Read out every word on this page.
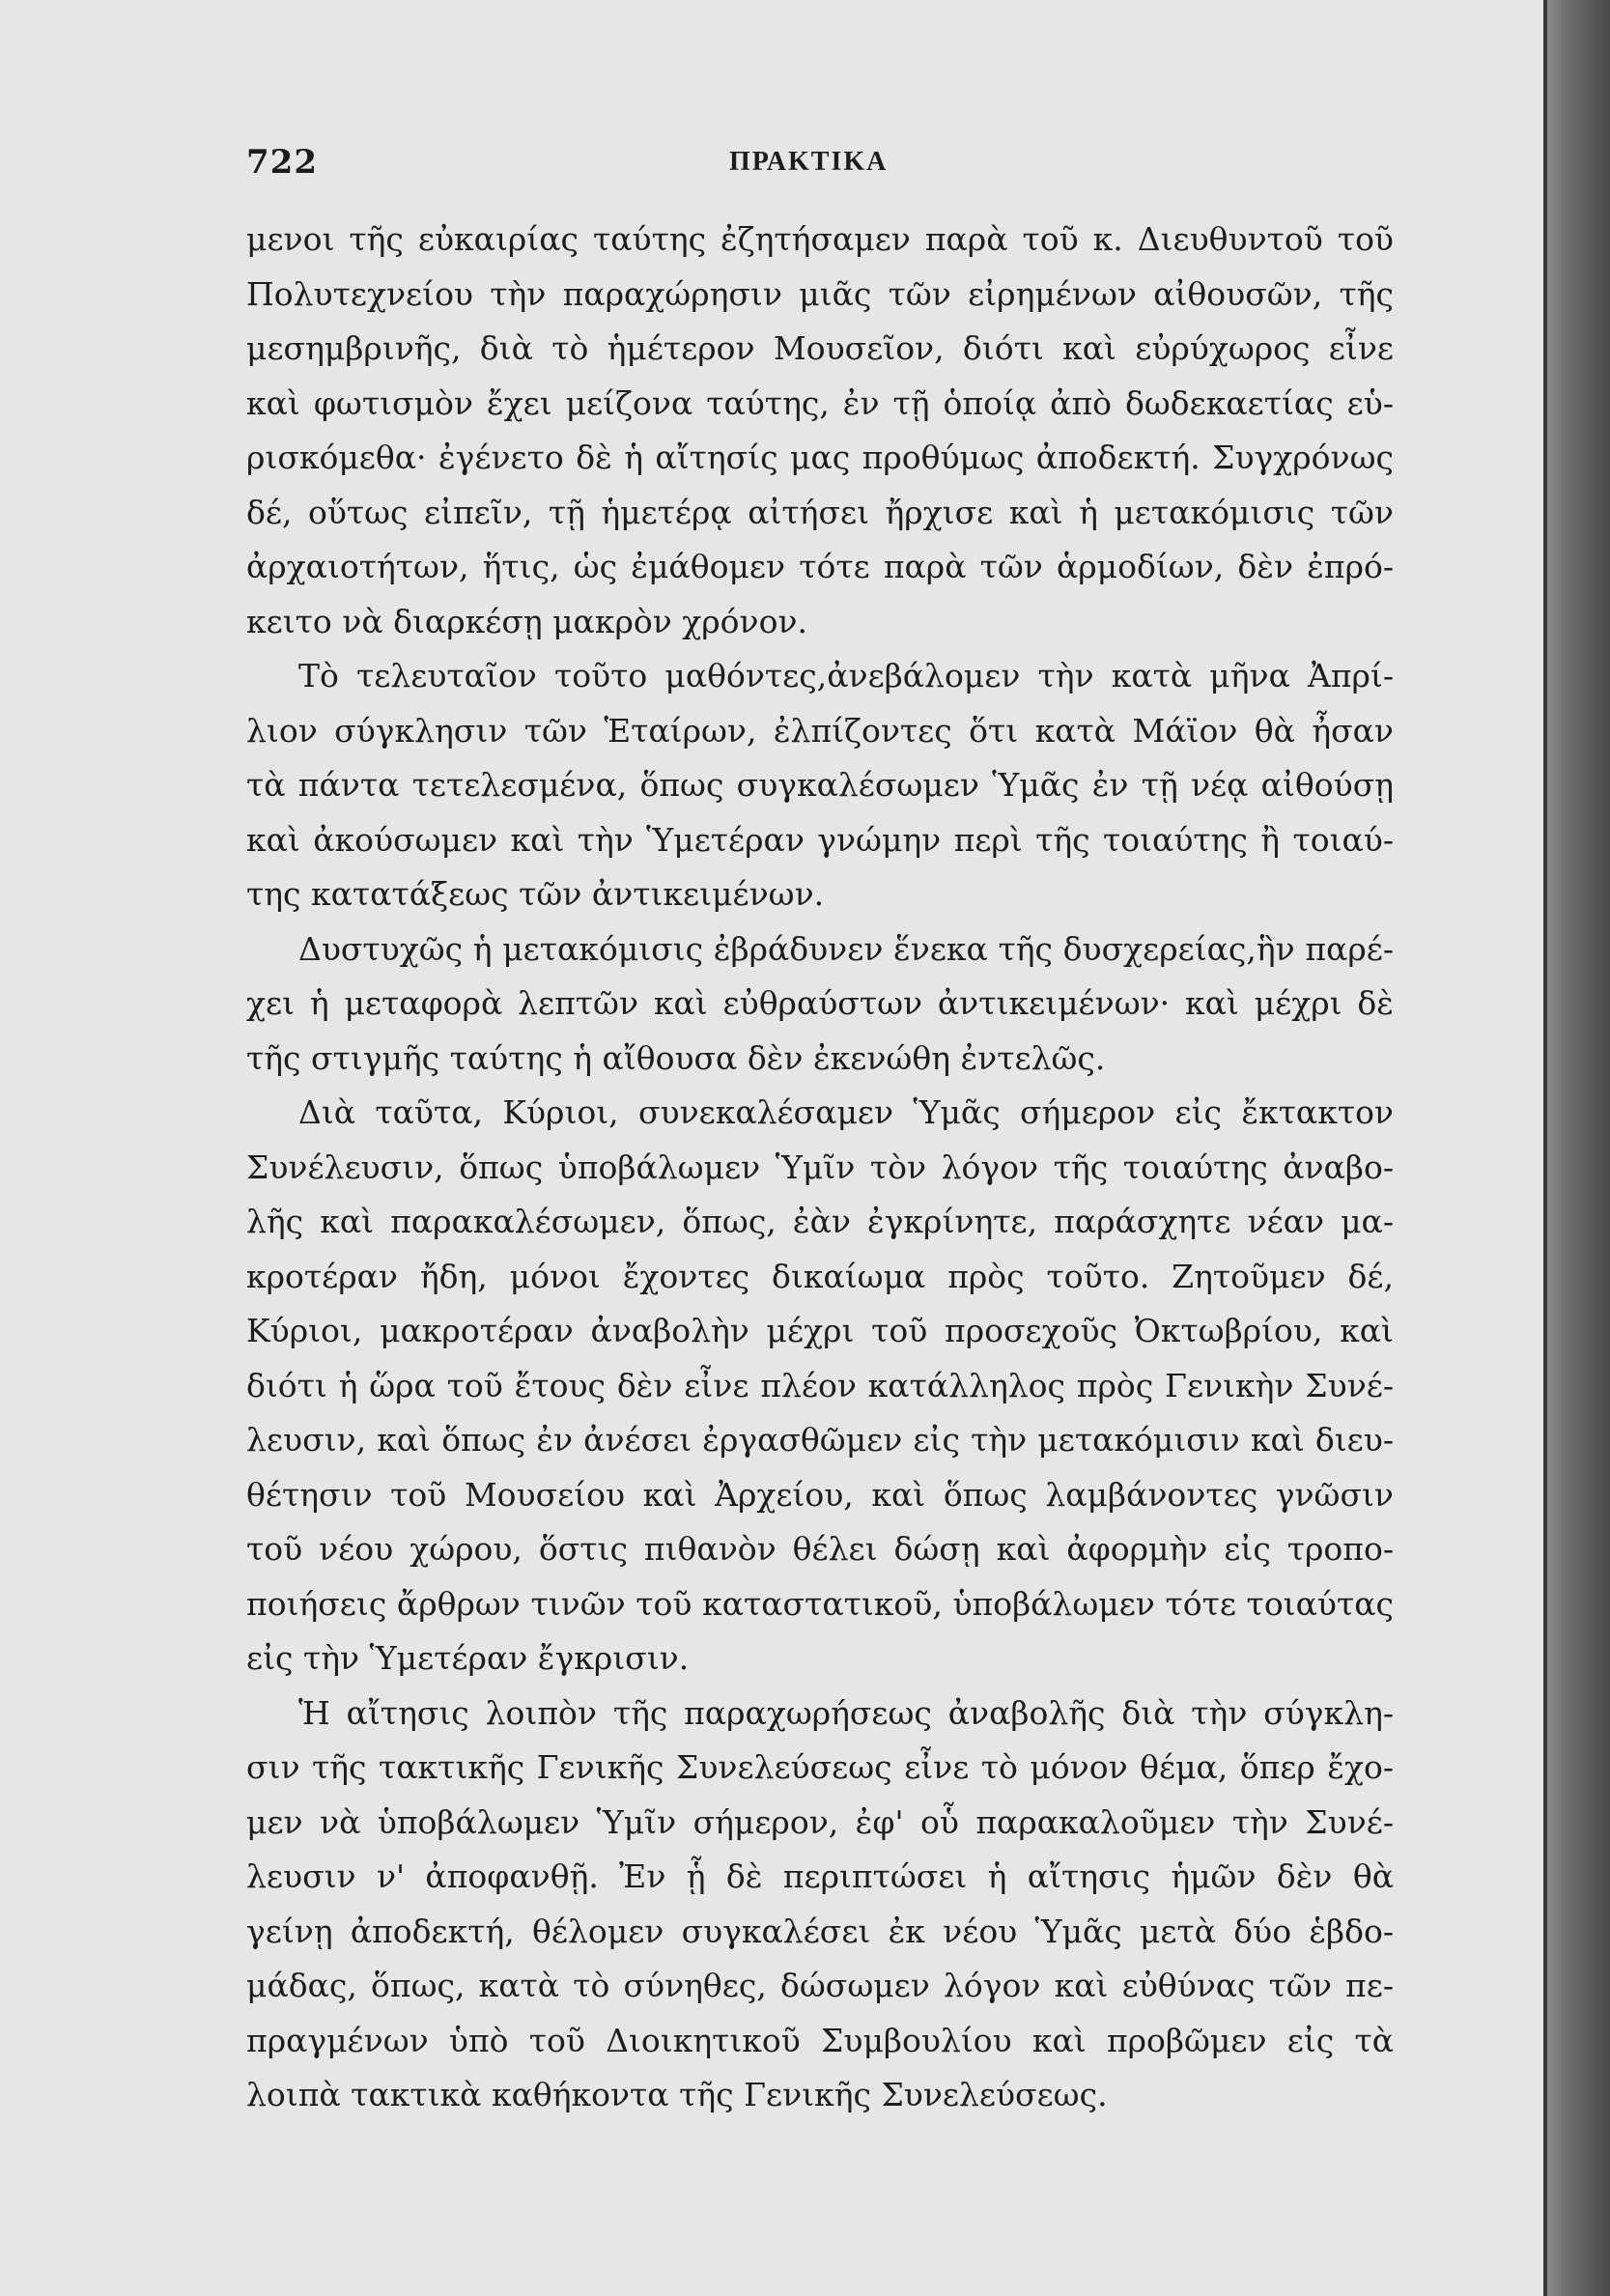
722	ΠΡΑΚΤΙΚΑ
μενοι τῆς εὐκαιρίας ταύτης ἐζητήσαμεν παρὰ τοῦ κ. Διευθυντοῦ τοῦ
Πολυτεχνείου τὴν παραχώρησιν μιᾶς τῶν εἰρημένων αἰθουσῶν, τῆς
μεσημβρινῆς, διὰ τὸ ἡμέτερον Μουσεῖον, διότι καὶ εὐρύχωρος εἶνε
καὶ φωτισμὸν ἔχει μείζονα ταύτης, ἐν τῇ ὁποίᾳ ἀπὸ δωδεκαετίας εὑ-
ρισκόμεθα· ἐγένετο δὲ ἡ αἴτησίς μας προθύμως ἀποδεκτή. Συγχρόνως
δέ, οὕτως εἰπεῖν, τῇ ἡμετέρᾳ αἰτήσει ἤρχισε καὶ ἡ μετακόμισις τῶν
ἀρχαιοτήτων, ἥτις, ὡς ἐμάθομεν τότε παρὰ τῶν ἁρμοδίων, δὲν ἐπρό-
κειτο νὰ διαρκέσῃ μακρὸν χρόνον.
Τὸ τελευταῖον τοῦτο μαθόντες,ἀνεβάλομεν τὴν κατὰ μῆνα Ἀπρί-
λιον σύγκλησιν τῶν Ἑταίρων, ἐλπίζοντες ὅτι κατὰ Μάϊον θὰ ἦσαν
τὰ πάντα τετελεσμένα, ὅπως συγκαλέσωμεν Ὑμᾶς ἐν τῇ νέᾳ αἰθούσῃ
καὶ ἀκούσωμεν καὶ τὴν Ὑμετέραν γνώμην περὶ τῆς τοιαύτης ἢ τοιαύ-
της κατατάξεως τῶν ἀντικειμένων.
Δυστυχῶς ἡ μετακόμισις ἐβράδυνεν ἕνεκα τῆς δυσχερείας,ἣν παρέ-
χει ἡ μεταφορὰ λεπτῶν καὶ εὐθραύστων ἀντικειμένων· καὶ μέχρι δὲ
τῆς στιγμῆς ταύτης ἡ αἴθουσα δὲν ἐκενώθη ἐντελῶς.
Διὰ ταῦτα, Κύριοι, συνεκαλέσαμεν Ὑμᾶς σήμερον εἰς ἔκτακτον
Συνέλευσιν, ὅπως ὑποβάλωμεν Ὑμῖν τὸν λόγον τῆς τοιαύτης ἀναβο-
λῆς καὶ παρακαλέσωμεν, ὅπως, ἐὰν ἐγκρίνητε, παράσχητε νέαν μα-
κροτέραν ἤδη, μόνοι ἔχοντες δικαίωμα πρὸς τοῦτο. Ζητοῦμεν δέ,
Κύριοι, μακροτέραν ἀναβολὴν μέχρι τοῦ προσεχοῦς Ὀκτωβρίου, καὶ
διότι ἡ ὥρα τοῦ ἔτους δὲν εἶνε πλέον κατάλληλος πρὸς Γενικὴν Συνέ-
λευσιν, καὶ ὅπως ἐν ἀνέσει ἐργασθῶμεν εἰς τὴν μετακόμισιν καὶ διευ-
θέτησιν τοῦ Μουσείου καὶ Ἀρχείου, καὶ ὅπως λαμβάνοντες γνῶσιν
τοῦ νέου χώρου, ὅστις πιθανὸν θέλει δώσῃ καὶ ἀφορμὴν εἰς τροπο-
ποιήσεις ἄρθρων τινῶν τοῦ καταστατικοῦ, ὑποβάλωμεν τότε τοιαύτας
εἰς τὴν Ὑμετέραν ἔγκρισιν.
Ἡ αἴτησις λοιπὸν τῆς παραχωρήσεως ἀναβολῆς διὰ τὴν σύγκλη-
σιν τῆς τακτικῆς Γενικῆς Συνελεύσεως εἶνε τὸ μόνον θέμα, ὅπερ ἔχο-
μεν νὰ ὑποβάλωμεν Ὑμῖν σήμερον, ἐφ' οὗ παρακαλοῦμεν τὴν Συνέ-
λευσιν ν' ἀποφανθῇ. Ἐν ᾗ δὲ περιπτώσει ἡ αἴτησις ἡμῶν δὲν θὰ
γείνῃ ἀποδεκτή, θέλομεν συγκαλέσει ἐκ νέου Ὑμᾶς μετὰ δύο ἑβδο-
μάδας, ὅπως, κατὰ τὸ σύνηθες, δώσωμεν λόγον καὶ εὐθύνας τῶν πε-
πραγμένων ὑπὸ τοῦ Διοικητικοῦ Συμβουλίου καὶ προβῶμεν εἰς τὰ
λοιπὰ τακτικὰ καθήκοντα τῆς Γενικῆς Συνελεύσεως.
